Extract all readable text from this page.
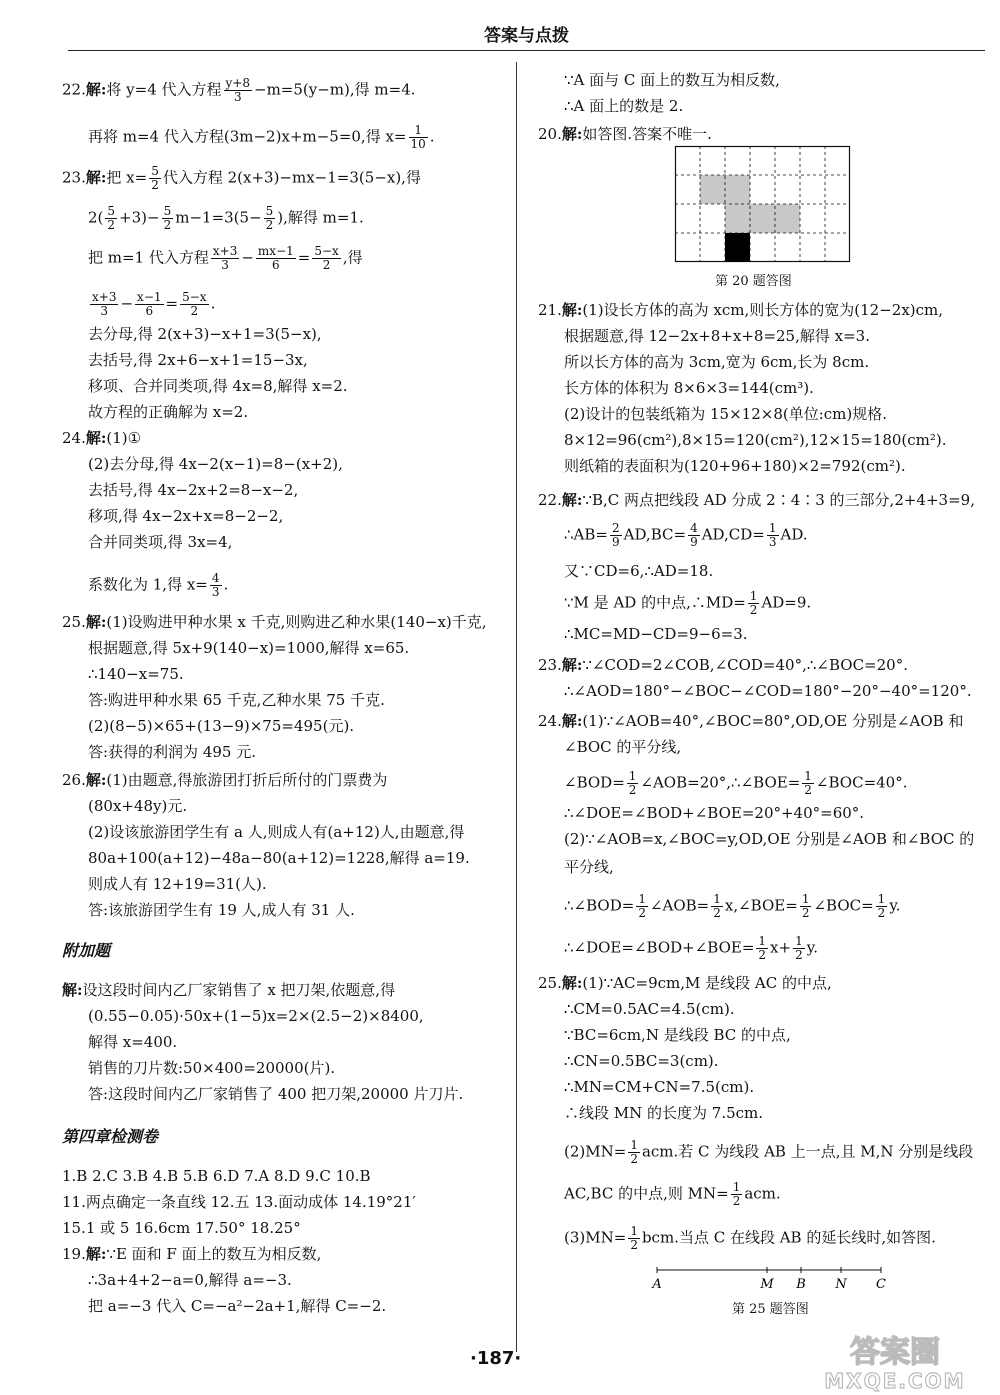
答案与点拨
22.解:将 y=4 代入方程 $\frac{y+8}{3} -m=5(y-m)$,得 m=4.
再将 m=4 代入方程(3m−2)x+m−5=0,得 $x= \frac{1}{10}$ .
23.解:把 $x= \frac{5}{2}$ 代入方程 2(x+3)−mx−1=3(5−x),得
$2( \frac{5}{2} +3)- \frac{5}{2} m-1=3(5- \frac{5}{2}$ ),解得 m=1.
把 m=1 代入方程 $\frac{x+3}{3} - \frac{mx-1}{6} = \frac{5-x}{2}$ ,得
$\frac{x+3}{3} - \frac{x-1}{6} = \frac{5-x}{2}$ .
去分母,得 2(x+3)−x+1=3(5−x),
去括号,得 2x+6−x+1=15−3x,
移项、合并同类项,得 4x=8,解得 x=2.
故方程的正确解为 x=2.
24.解:(1)①
(2)去分母,得 4x−2(x−1)=8−(x+2),
去括号,得 4x−2x+2=8−x−2,
移项,得 4x−2x+x=8−2−2,
合并同类项,得 3x=4,
系数化为 1,得 $x= \frac{4}{3}$ .
25.解:(1)设购进甲种水果 x 千克,则购进乙种水果(140−x)千克,
根据题意,得 5x+9(140−x)=1000,解得 x=65.
∴140−x=75.
答:购进甲种水果 65 千克,乙种水果 75 千克.
(2)(8−5)×65+(13−9)×75=495(元).
答:获得的利润为 495 元.
26.解:(1)由题意,得旅游团打折后所付的门票费为
(80x+48y)元.
(2)设该旅游团学生有 a 人,则成人有(a+12)人,由题意,得
80a+100(a+12)−48a−80(a+12)=1228,解得 a=19.
则成人有 12+19=31(人).
答:该旅游团学生有 19 人,成人有 31 人.
附加题
解:设这段时间内乙厂家销售了 x 把刀架,依题意,得
(0.55−0.05)·50x+(1−5)x=2×(2.5−2)×8400,
解得 x=400.
销售的刀片数:50×400=20000(片).
答:这段时间内乙厂家销售了 400 把刀架,20000 片刀片.
第四章检测卷
1.B 2.C 3.B 4.B 5.B 6.D 7.A 8.D 9.C 10.B
11.两点确定一条直线 12.五 13.面动成体 14.19°21′
15.1 或 5 16.6cm 17.50° 18.25°
19.解:∵E 面和 F 面上的数互为相反数,
∴3a+4+2−a=0,解得 a=−3.
把 a=−3 代入 C=−a²−2a+1,解得 C=−2.
∵A 面与 C 面上的数互为相反数,
∴A 面上的数是 2.
20.解:如答图.答案不唯一.
21.解:(1)设长方体的高为 xcm,则长方体的宽为(12−2x)cm,
根据题意,得 12−2x+8+x+8=25,解得 x=3.
所以长方体的高为 3cm,宽为 6cm,长为 8cm.
长方体的体积为 8×6×3=144(cm³).
(2)设计的包装纸箱为 15×12×8(单位:cm)规格.
8×12=96(cm²),8×15=120(cm²),12×15=180(cm²).
则纸箱的表面积为(120+96+180)×2=792(cm²).
22.解:∵B,C 两点把线段 AD 分成 2∶4∶3 的三部分,2+4+3=9,
∴AB= $\frac{2}{9} AD,BC= \frac{4}{9} AD,CD= \frac{1}{3}$ AD.
又∵CD=6,∴AD=18.
∵M 是 AD 的中点,∴MD= $\frac{1}{2} AD=9$.
∴MC=MD−CD=9−6=3.
23.解:∵∠COD=2∠COB,∠COD=40°,∴∠BOC=20°.
∴∠AOD=180°−∠BOC−∠COD=180°−20°−40°=120°.
24.解:(1)∵∠AOB=40°,∠BOC=80°,OD,OE 分别是∠AOB 和
∠BOC 的平分线,
∠BOD= $\frac{1}{2}$ ∠AOB=20°,∴∠BOE= $\frac{1}{2}$ ∠BOC=40°.
∴∠DOE=∠BOD+∠BOE=20°+40°=60°.
(2)∵∠AOB=x,∠BOC=y,OD,OE 分别是∠AOB 和∠BOC 的
平分线,
∴∠BOD= $\frac{1}{2}$ ∠AOB= $\frac{1}{2}$ x,∠BOE= $\frac{1}{2}$ ∠BOC= $\frac{1}{2} y$.
∴∠DOE=∠BOD+∠BOE= $\frac{1}{2} x+ \frac{1}{2} y$.
25.解:(1)∵AC=9cm,M 是线段 AC 的中点,
∴CM=0.5AC=4.5(cm).
∵BC=6cm,N 是线段 BC 的中点,
∴CN=0.5BC=3(cm).
∴MN=CM+CN=7.5(cm).
∴线段 MN 的长度为 7.5cm.
$(2)MN= \frac{1}{2}$ acm.若 C 为线段 AB 上一点,且 M,N 分别是线段
AC,BC 的中点,则 $MN= \frac{1}{2}$ acm.
$(3)MN= \frac{1}{2}$ bcm.当点 C 在线段 AB 的延长线时,如答图.
第 20 题答图
A	M B N C
第 25 题答图
·187·	答案圈
MXQE.COM
